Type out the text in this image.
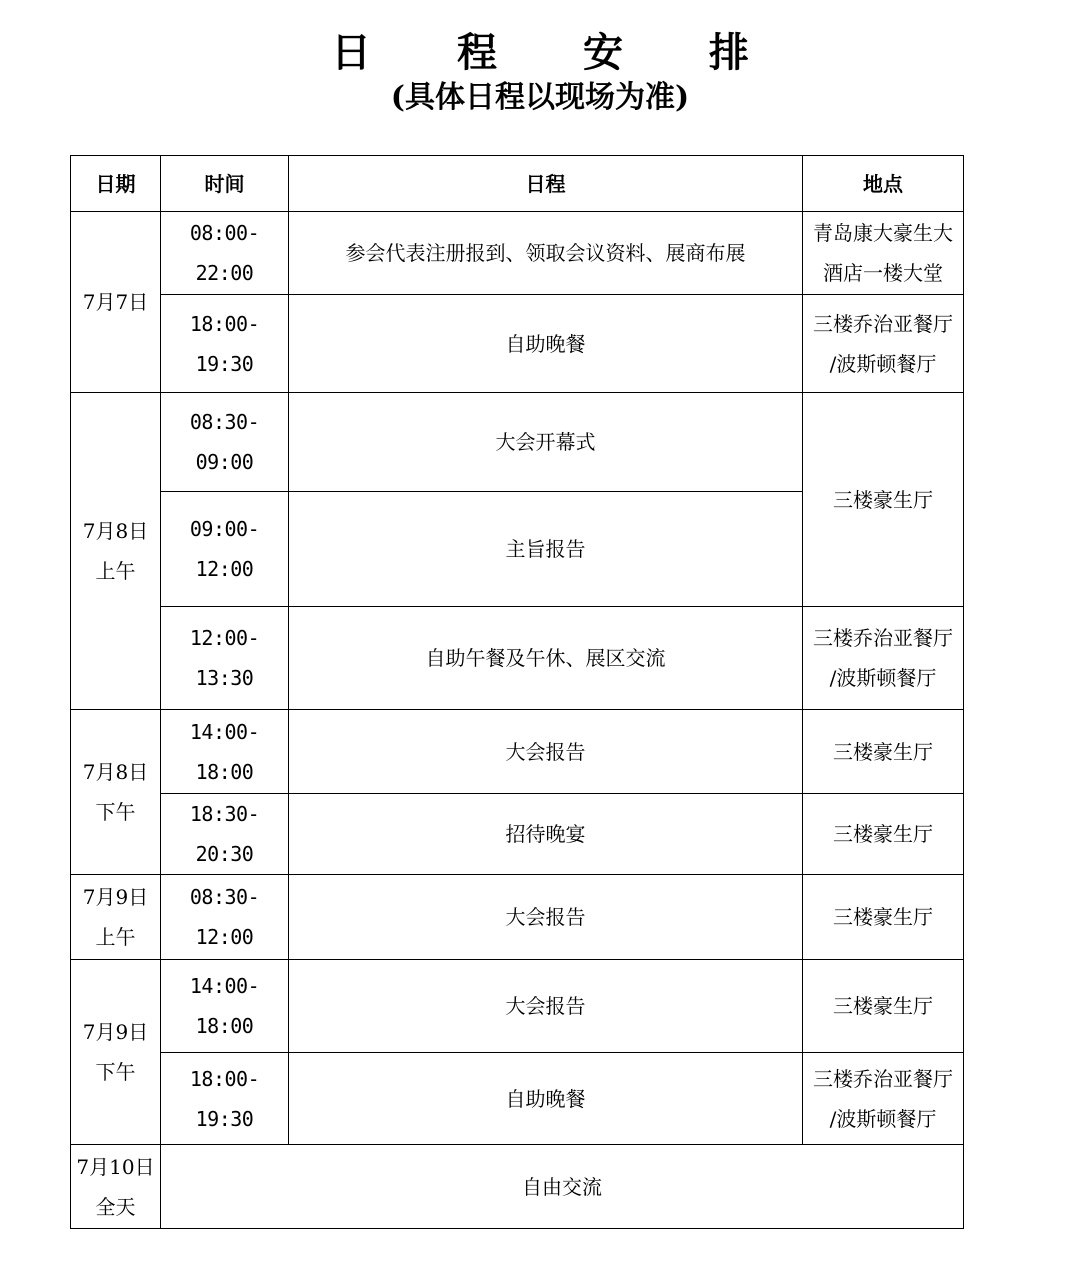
日 程 安 排
(具体日程以现场为准)
日期	时间	日程	地点

7月7日	08:00-22:00	参会代表注册报到、领取会议资料、展商布展	青岛康大豪生大
酒店一楼大堂

	18:00-19:30	自助晚餐	三楼乔治亚餐厅
/波斯顿餐厅

7月8日
上午	08:30-09:00	大会开幕式	三楼豪生厅

	09:00-12:00	主旨报告	
	12:00-13:30	自助午餐及午休、展区交流	三楼乔治亚餐厅
/波斯顿餐厅

7月8日
下午	14:00-18:00	大会报告	三楼豪生厅

	18:30-20:30	招待晚宴	三楼豪生厅

7月9日
上午	08:30-12:00	大会报告	三楼豪生厅

7月9日
下午	14:00-18:00	大会报告	三楼豪生厅

	18:00-19:30	自助晚餐	三楼乔治亚餐厅
/波斯顿餐厅

7月10日
全天	自由交流		
